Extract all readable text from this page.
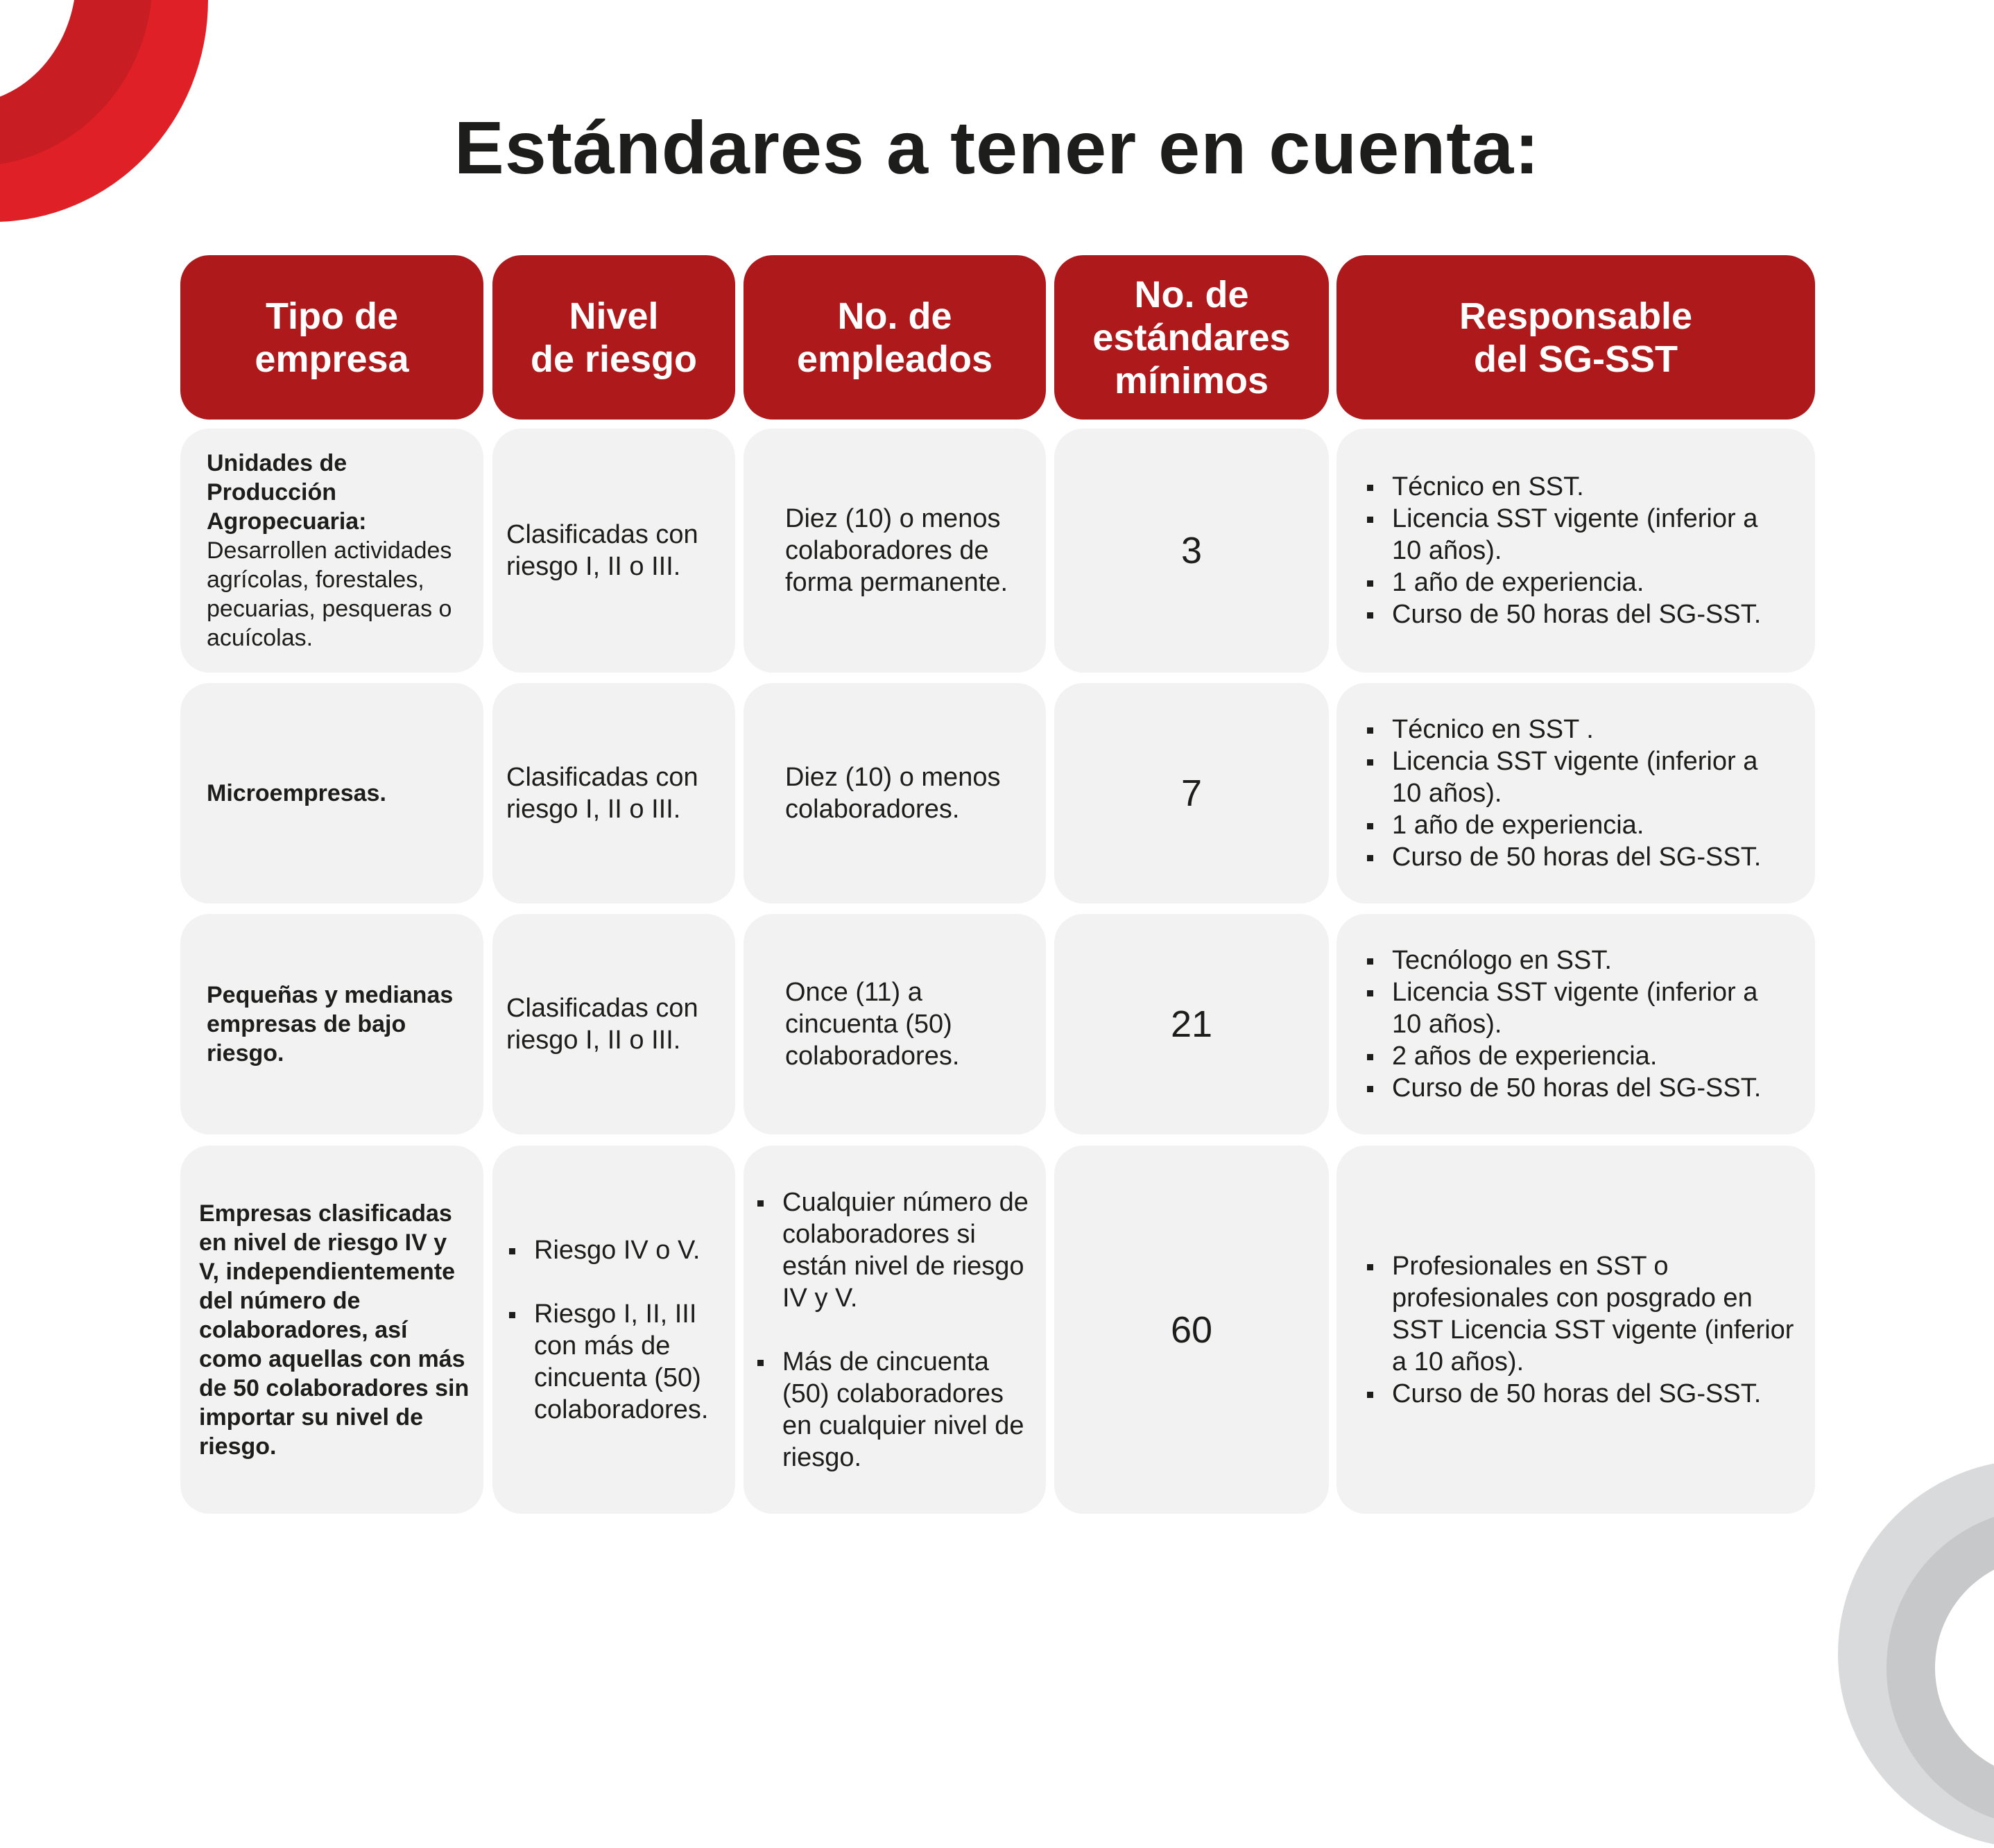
Estándares a tener en cuenta:
Tipo de
empresa
Nivel
de riesgo
No. de
empleados
No. de
estándares
mínimos
Responsable
del SG-SST
Unidades de Producción Agropecuaria:
Desarrollen actividades agrícolas, forestales, pecuarias, pesqueras o acuícolas.
Clasificadas con riesgo I, II o III.
Diez (10) o menos colaboradores de forma permanente.
3
Técnico en SST.
Licencia SST vigente (inferior a 10 años).
1 año de experiencia.
Curso de 50 horas del SG-SST.
Microempresas.
Clasificadas con riesgo I, II o III.
Diez (10) o menos colaboradores.	7
Técnico en SST .
Licencia SST vigente (inferior a 10 años).
1 año de experiencia.
Curso de 50 horas del SG-SST.
Pequeñas y medianas empresas de bajo riesgo.
Clasificadas con riesgo I, II o III.
Once (11) a cincuenta (50) colaboradores.
21
Tecnólogo en SST.
Licencia SST vigente (inferior a 10 años).
2 años de experiencia.
Curso de 50 horas del SG-SST.
Empresas clasificadas en nivel de riesgo IV y V, independientemente del número de colaboradores, así como aquellas con más de 50 colaboradores sin importar su nivel de riesgo.
Riesgo IV o V.
Riesgo I, II, III con más de cincuenta (50) colaboradores.
Cualquier número de colaboradores si están nivel de riesgo IV y V.
Más de cincuenta (50) colaboradores en cualquier nivel de riesgo.
60
Profesionales en SST o profesionales con posgrado en SST Licencia SST vigente (inferior a 10 años).
Curso de 50 horas del SG-SST.
